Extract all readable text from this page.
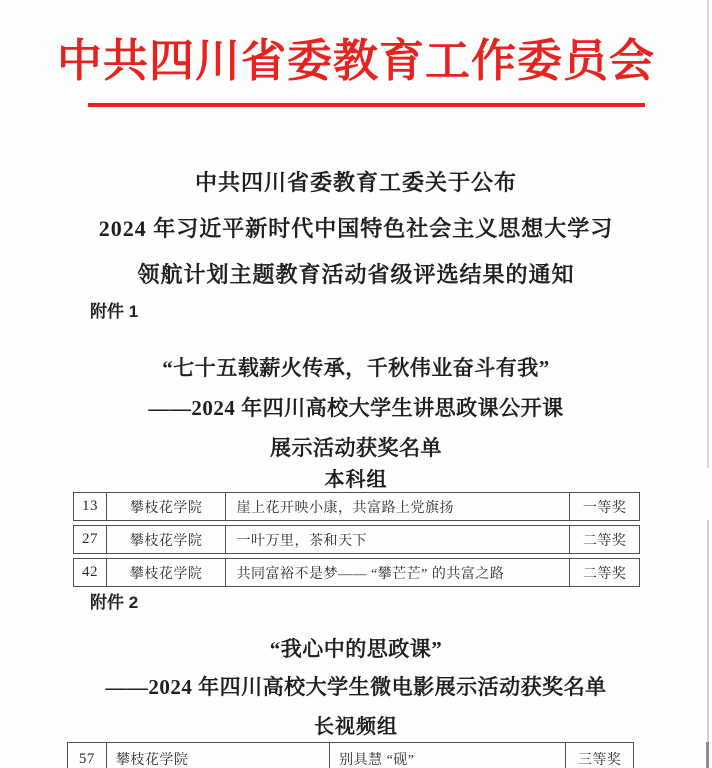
中共四川省委教育工作委员会
中共四川省委教育工委关于公布
2024 年习近平新时代中国特色社会主义思想大学习
领航计划主题教育活动省级评选结果的通知
附件 1
“七十五载薪火传承，千秋伟业奋斗有我”
——2024 年四川高校大学生讲思政课公开课
展示活动获奖名单
本科组
13	攀枝花学院	崖上花开映小康，共富路上党旗扬	一等奖
27	攀枝花学院	一叶万里，茶和天下	二等奖
42	攀枝花学院	共同富裕不是梦—— “攀芒芒” 的共富之路	二等奖
附件 2
“我心中的思政课”
——2024 年四川高校大学生微电影展示活动获奖名单
长视频组
57	攀枝花学院	别具慧 “砚”	三等奖
